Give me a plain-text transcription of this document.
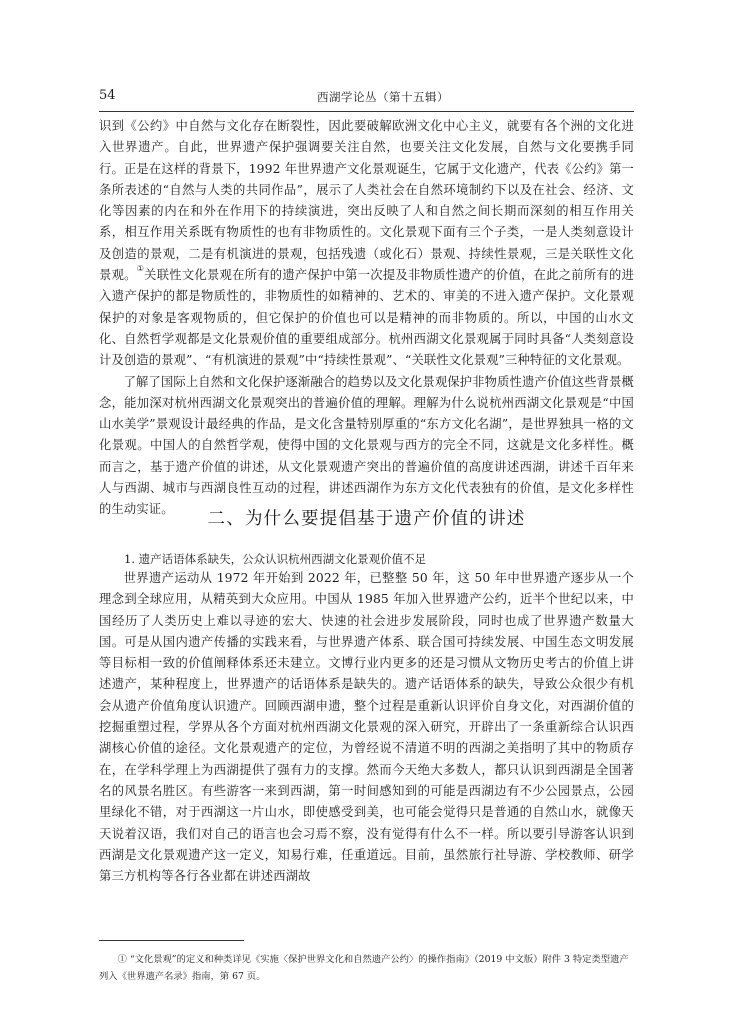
54	西湖学论丛（第十五辑）

识到《公约》中自然与文化存在断裂性，因此要破解欧洲文化中心主义，就要有各个洲的文化进入世界遗产。自此，世界遗产保护强调要关注自然，也要关注文化发展，自然与文化要携手同行。正是在这样的背景下，1992 年世界遗产文化景观诞生，它属于文化遗产，代表《公约》第一条所表述的“自然与人类的共同作品”，展示了人类社会在自然环境制约下以及在社会、经济、文化等因素的内在和外在作用下的持续演进，突出反映了人和自然之间长期而深刻的相互作用关系，相互作用关系既有物质性的也有非物质性的。文化景观下面有三个子类，一是人类刻意设计及创造的景观，二是有机演进的景观，包括残遗（或化石）景观、持续性景观，三是关联性文化景观。①关联性文化景观在所有的遗产保护中第一次提及非物质性遗产的价值，在此之前所有的进入遗产保护的都是物质性的，非物质性的如精神的、艺术的、审美的不进入遗产保护。文化景观保护的对象是客观物质的，但它保护的价值也可以是精神的而非物质的。所以，中国的山水文化、自然哲学观都是文化景观价值的重要组成部分。杭州西湖文化景观属于同时具备“人类刻意设计及创造的景观”、“有机演进的景观”中“持续性景观”、“关联性文化景观”三种特征的文化景观。

了解了国际上自然和文化保护逐渐融合的趋势以及文化景观保护非物质性遗产价值这些背景概念，能加深对杭州西湖文化景观突出的普遍价值的理解。理解为什么说杭州西湖文化景观是“中国山水美学”景观设计最经典的作品，是文化含量特别厚重的“东方文化名湖”，是世界独具一格的文化景观。中国人的自然哲学观，使得中国的文化景观与西方的完全不同，这就是文化多样性。概而言之，基于遗产价值的讲述，从文化景观遗产突出的普遍价值的高度讲述西湖，讲述千百年来人与西湖、城市与西湖良性互动的过程，讲述西湖作为东方文化代表独有的价值，是文化多样性的生动实证。	二、为什么要提倡基于遗产价值的讲述
1. 遗产话语体系缺失，公众认识杭州西湖文化景观价值不足

世界遗产运动从 1972 年开始到 2022 年，已整整 50 年，这 50 年中世界遗产逐步从一个理念到全球应用，从精英到大众应用。中国从 1985 年加入世界遗产公约，近半个世纪以来，中国经历了人类历史上难以寻迹的宏大、快速的社会进步发展阶段，同时也成了世界遗产数量大国。可是从国内遗产传播的实践来看，与世界遗产体系、联合国可持续发展、中国生态文明发展等目标相一致的价值阐释体系还未建立。文博行业内更多的还是习惯从文物历史考古的价值上讲述遗产，某种程度上，世界遗产的话语体系是缺失的。遗产话语体系的缺失，导致公众很少有机会从遗产价值角度认识遗产。回顾西湖申遗，整个过程是重新认识评价自身文化，对西湖价值的挖掘重塑过程，学界从各个方面对杭州西湖文化景观的深入研究，开辟出了一条重新综合认识西湖核心价值的途径。文化景观遗产的定位，为曾经说不清道不明的西湖之美指明了其中的物质存在，在学科学理上为西湖提供了强有力的支撑。然而今天绝大多数人，都只认识到西湖是全国著名的风景名胜区。有些游客一来到西湖，第一时间感知到的可能是西湖边有不少公园景点，公园里绿化不错，对于西湖这一片山水，即使感受到美，也可能会觉得只是普通的自然山水，就像天天说着汉语，我们对自己的语言也会习焉不察，没有觉得有什么不一样。所以要引导游客认识到西湖是文化景观遗产这一定义，知易行难，任重道远。目前，虽然旅行社导游、学校教师、研学第三方机构等各行各业都在讲述西湖故

① “文化景观”的定义和种类详见《实施〈保护世界文化和自然遗产公约〉的操作指南》（2019 中文版）附件 3 特定类型遗产列入《世界遗产名录》指南，第 67 页。
